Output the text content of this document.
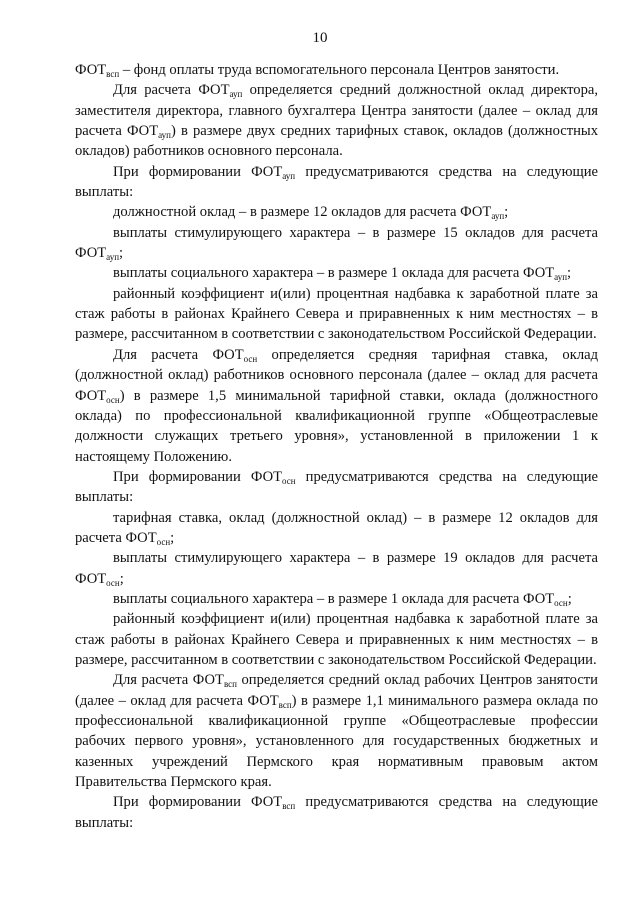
10

$ФОТ_{всп}$ – фонд оплаты труда вспомогательного персонала Центров занятости.

Для расчета $ФОТ_{ауп}$ определяется средний должностной оклад директора, заместителя директора, главного бухгалтера Центра занятости (далее – оклад для расчета $ФОТ_{ауп}$) в размере двух средних тарифных ставок, окладов (должностных окладов) работников основного персонала.

При формировании $ФОТ_{ауп}$ предусматриваются средства на следующие выплаты:

должностной оклад – в размере 12 окладов для расчета $ФОТ_{ауп}$;

выплаты стимулирующего характера – в размере 15 окладов для расчета $ФОТ_{ауп}$;

выплаты социального характера – в размере 1 оклада для расчета $ФОТ_{ауп}$;

районный коэффициент и(или) процентная надбавка к заработной плате за стаж работы в районах Крайнего Севера и приравненных к ним местностях – в размере, рассчитанном в соответствии с законодательством Российской Федерации.

Для расчета $ФОТ_{осн}$ определяется средняя тарифная ставка, оклад (должностной оклад) работников основного персонала (далее – оклад для расчета $ФОТ_{осн}$) в размере 1,5 минимальной тарифной ставки, оклада (должностного оклада) по профессиональной квалификационной группе «Общеотраслевые должности служащих третьего уровня», установленной в приложении 1 к настоящему Положению.

При формировании $ФОТ_{осн}$ предусматриваются средства на следующие выплаты:

тарифная ставка, оклад (должностной оклад) – в размере 12 окладов для расчета $ФОТ_{осн}$;

выплаты стимулирующего характера – в размере 19 окладов для расчета $ФОТ_{осн}$;

выплаты социального характера – в размере 1 оклада для расчета $ФОТ_{осн}$;

районный коэффициент и(или) процентная надбавка к заработной плате за стаж работы в районах Крайнего Севера и приравненных к ним местностях – в размере, рассчитанном в соответствии с законодательством Российской Федерации.

Для расчета $ФОТ_{всп}$ определяется средний оклад рабочих Центров занятости (далее – оклад для расчета $ФОТ_{всп}$) в размере 1,1 минимального размера оклада по профессиональной квалификационной группе «Общеотраслевые профессии рабочих первого уровня», установленного для государственных бюджетных и казенных учреждений Пермского края нормативным правовым актом Правительства Пермского края.

При формировании $ФОТ_{всп}$ предусматриваются средства на следующие выплаты:
